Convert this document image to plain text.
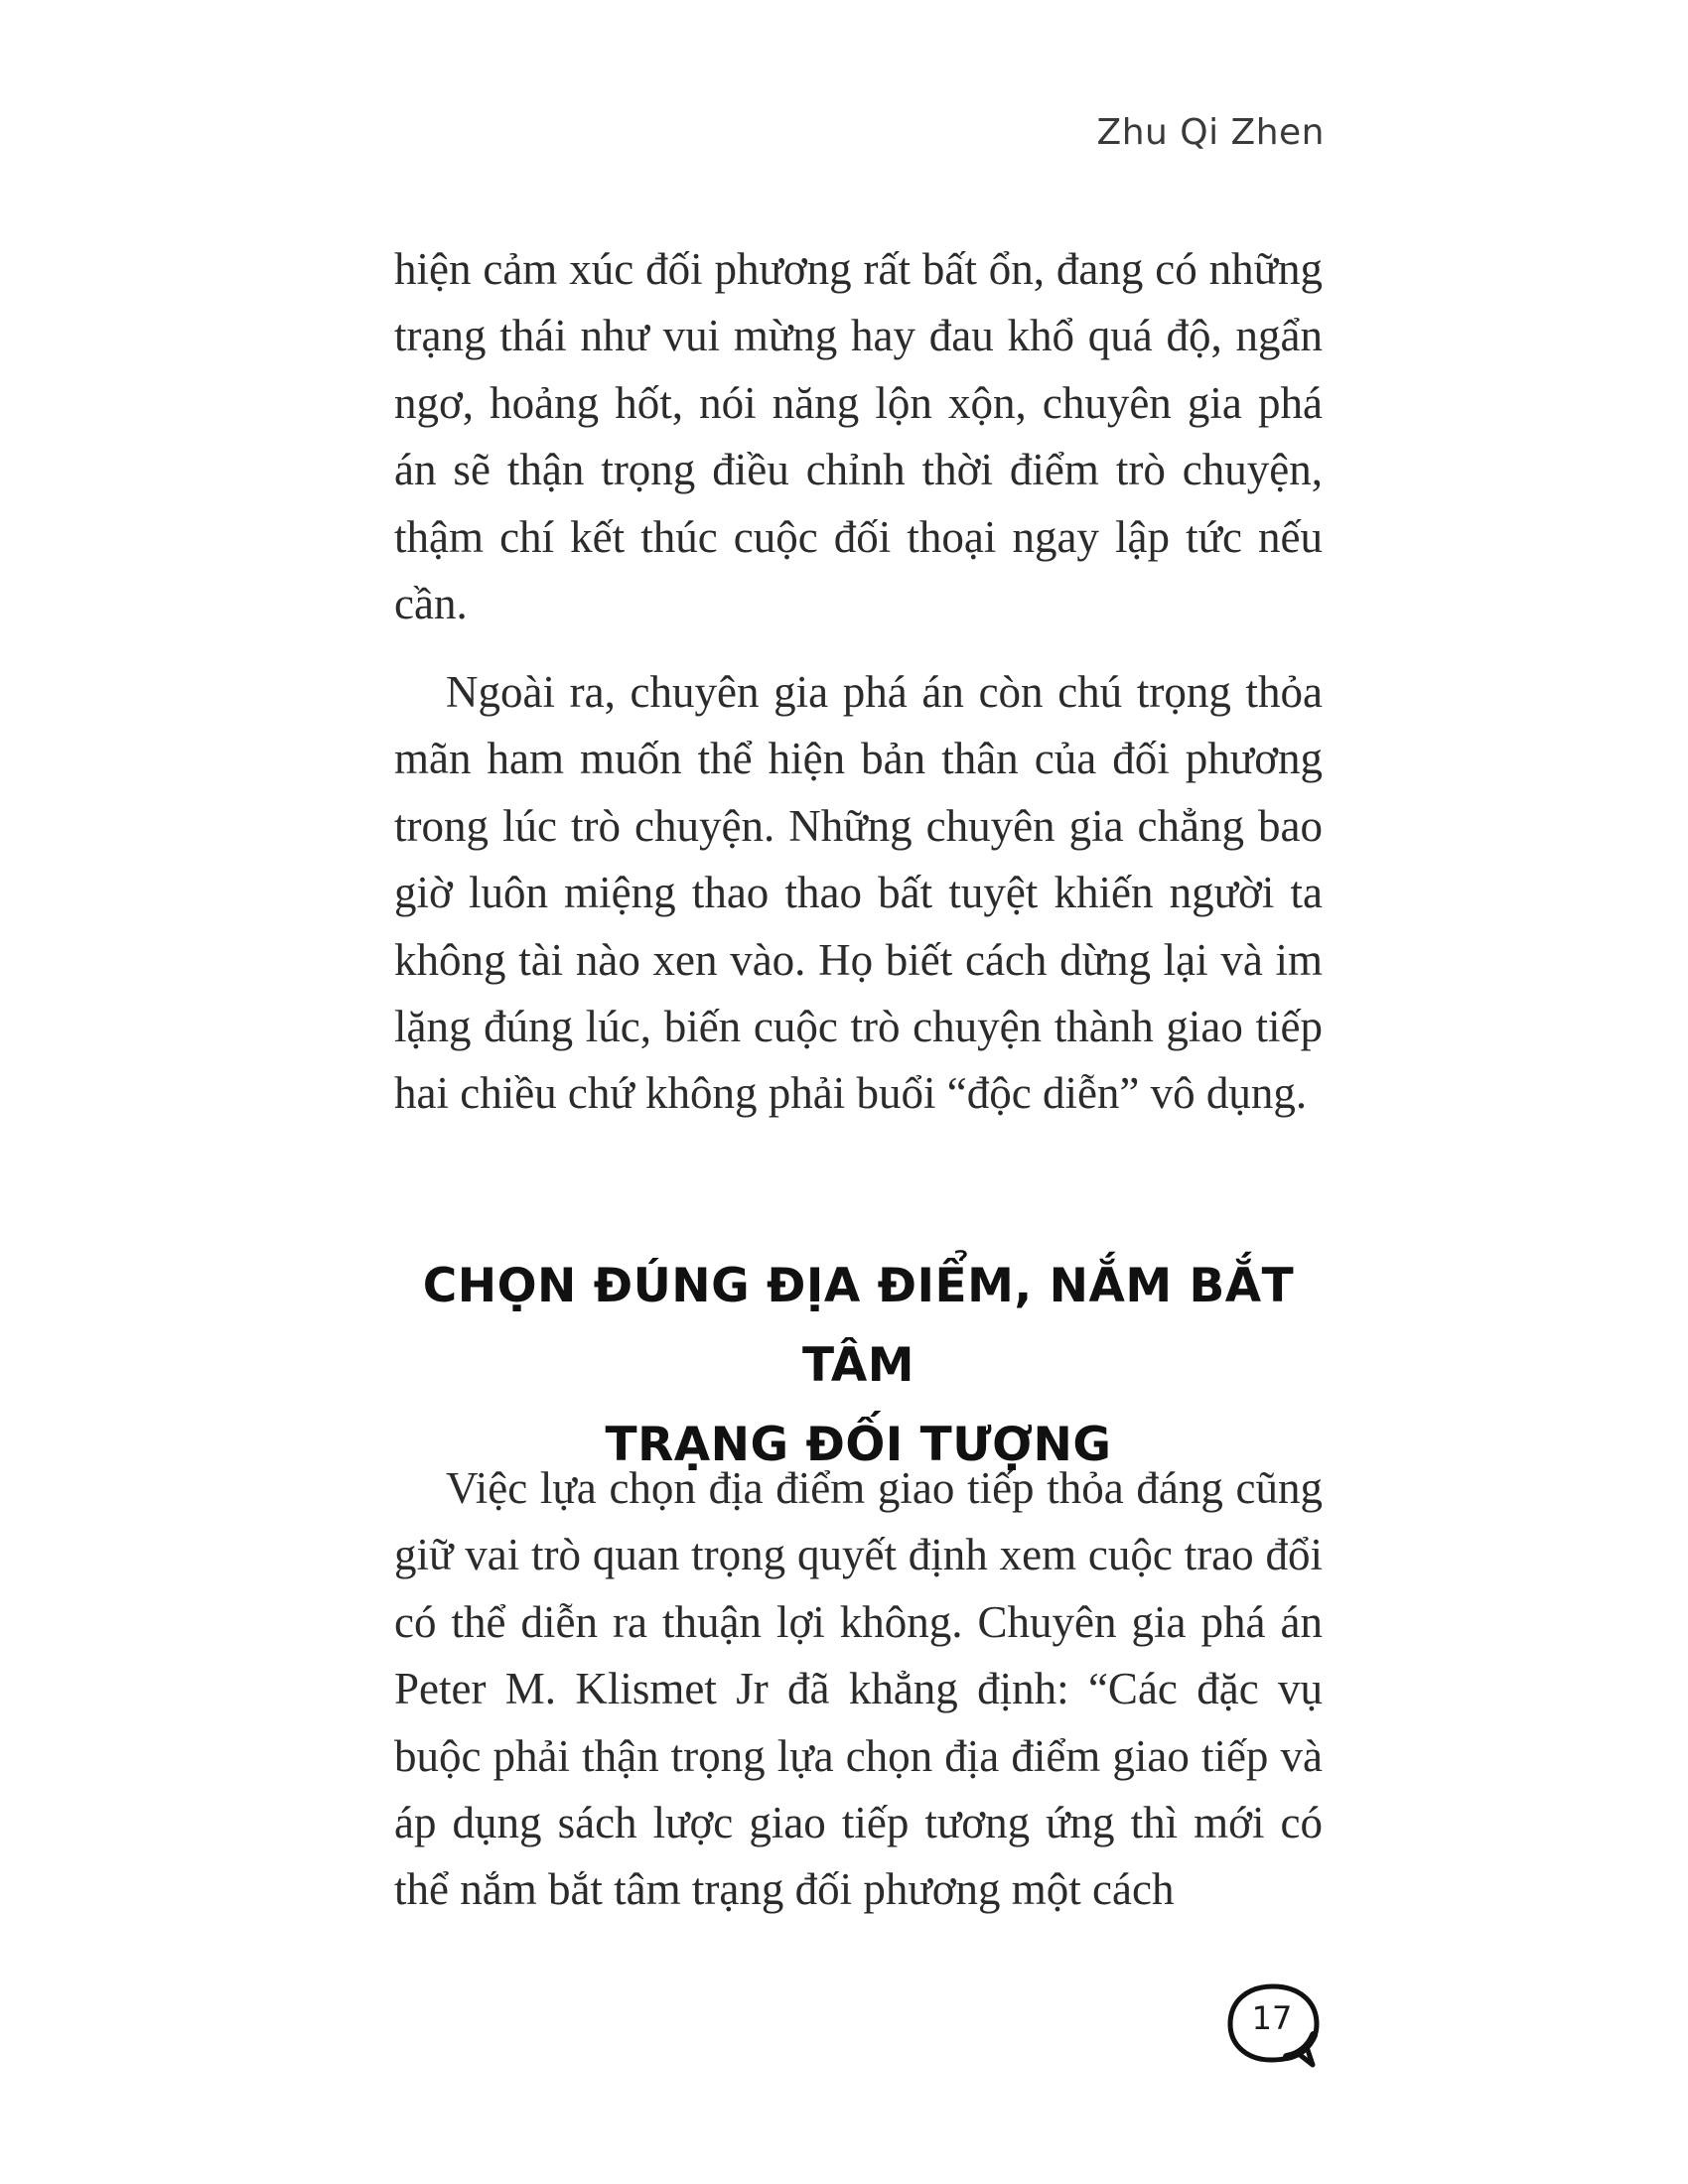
Zhu Qi Zhen

hiện cảm xúc đối phương rất bất ổn, đang có những trạng thái như vui mừng hay đau khổ quá độ, ngẩn ngơ, hoảng hốt, nói năng lộn xộn, chuyên gia phá án sẽ thận trọng điều chỉnh thời điểm trò chuyện, thậm chí kết thúc cuộc đối thoại ngay lập tức nếu cần.

Ngoài ra, chuyên gia phá án còn chú trọng thỏa mãn ham muốn thể hiện bản thân của đối phương trong lúc trò chuyện. Những chuyên gia chẳng bao giờ luôn miệng thao thao bất tuyệt khiến người ta không tài nào xen vào. Họ biết cách dừng lại và im lặng đúng lúc, biến cuộc trò chuyện thành giao tiếp hai chiều chứ không phải buổi “độc diễn” vô dụng.

CHỌN ĐÚNG ĐỊA ĐIỂM, NẮM BẮT TÂM
TRẠNG ĐỐI TƯỢNG

Việc lựa chọn địa điểm giao tiếp thỏa đáng cũng giữ vai trò quan trọng quyết định xem cuộc trao đổi có thể diễn ra thuận lợi không. Chuyên gia phá án Peter M. Klismet Jr đã khẳng định: “Các đặc vụ buộc phải thận trọng lựa chọn địa điểm giao tiếp và áp dụng sách lược giao tiếp tương ứng thì mới có thể nắm bắt tâm trạng đối phương một cách

17
